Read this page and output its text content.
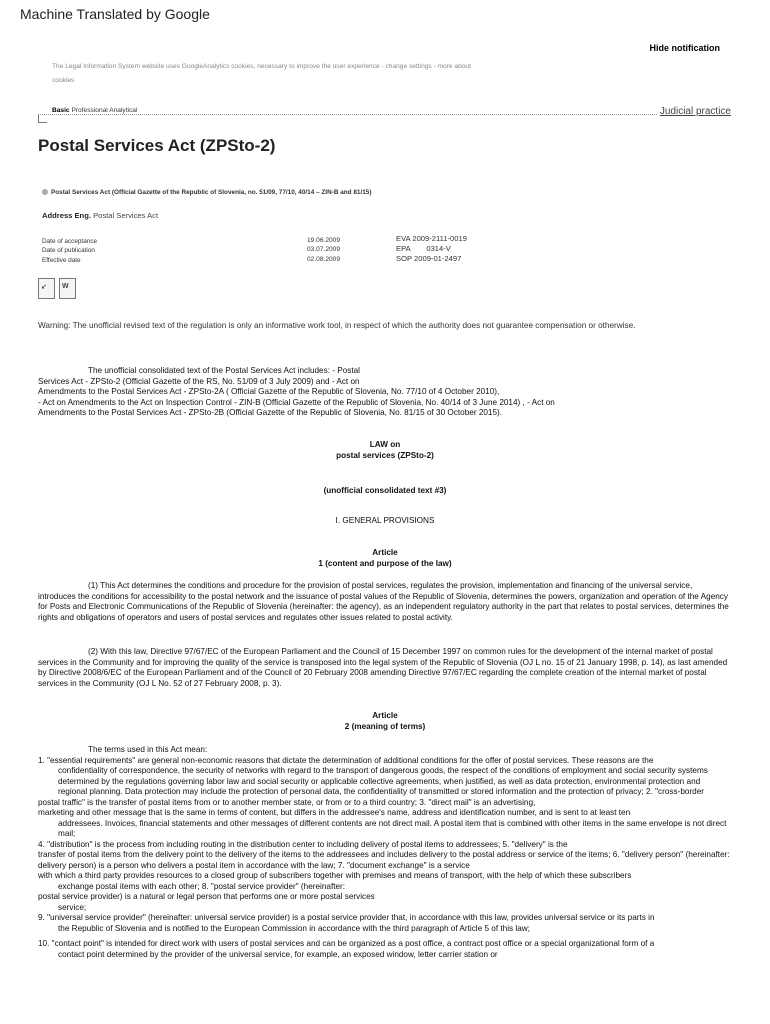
Machine Translated by Google
Hide notification
The Legal Information System website uses GoogleAnalytics cookies, necessary to improve the user experience - change settings - more about
cookies
Basic Professional Analytical	Judicial practice
Postal Services Act (ZPSto-2)
Postal Services Act (Official Gazette of the Republic of Slovenia, no. 51/09, 77/10, 40/14 – ZIN-B and 81/15)
Address Eng. Postal Services Act
Date of acceptance
Date of publication
Effective date
19.06.2009
03.07.2009
02.08.2009
EVA 2009-2111-0019
EPA 0314-V
SOP 2009-01-2497
↙ W
Warning: The unofficial revised text of the regulation is only an informative work tool, in respect of which the authority does not guarantee compensation or otherwise.
The unofficial consolidated text of the Postal Services Act includes: - Postal
Services Act - ZPSto-2 (Official Gazette of the RS, No. 51/09 of 3 July 2009) and - Act on
Amendments to the Postal Services Act - ZPSto-2A ( Official Gazette of the Republic of Slovenia, No. 77/10 of 4 October 2010),
- Act on Amendments to the Act on Inspection Control - ZIN-B (Official Gazette of the Republic of Slovenia, No. 40/14 of 3 June 2014) , - Act on
Amendments to the Postal Services Act - ZPSto-2B (Official Gazette of the Republic of Slovenia, No. 81/15 of 30 October 2015).
LAW on
postal services (ZPSto-2)
(unofficial consolidated text #3)
I. GENERAL PROVISIONS
Article
1 (content and purpose of the law)
(1) This Act determines the conditions and procedure for the provision of postal services, regulates the provision, implementation and financing of the universal service, introduces the conditions for accessibility to the postal network and the issuance of postal values of the Republic of Slovenia, determines the powers, organization and operation of the Agency for Posts and Electronic Communications of the Republic of Slovenia (hereinafter: the agency), as an independent regulatory authority in the part that relates to postal services, determines the rights and obligations of operators and users of postal services and regulates other issues related to postal activity.
(2) With this law, Directive 97/67/EC of the European Parliament and the Council of 15 December 1997 on common rules for the development of the internal market of postal services in the Community and for improving the quality of the service is transposed into the legal system of the Republic of Slovenia (OJ L no. 15 of 21 January 1998, p. 14), as last amended by Directive 2008/6/EC of the European Parliament and of the Council of 20 February 2008 amending Directive 97/67/EC regarding the complete creation of the internal market of postal services in the Community (OJ L No. 52 of 27 February 2008, p. 3).
Article
2 (meaning of terms)
The terms used in this Act mean:
1. "essential requirements" are general non-economic reasons that dictate the determination of additional conditions for the offer of postal services. These reasons are the
confidentiality of correspondence, the security of networks with regard to the transport of dangerous goods, the respect of the conditions of employment and social security systems determined by the regulations governing labor law and social security or applicable collective agreements, when justified, as well as data protection, environmental protection and regional planning. Data protection may include the protection of personal data, the confidentiality of transmitted or stored information and the protection of privacy; 2. "cross-border
postal traffic" is the transfer of postal items from or to another member state, or from or to a third country; 3. "direct mail" is an advertising,
marketing and other message that is the same in terms of content, but differs in the addressee's name, address and identification number, and is sent to at least ten
addressees. Invoices, financial statements and other messages of different contents are not direct mail. A postal item that is combined with other items in the same envelope is not direct mail;
4. "distribution" is the process from including routing in the distribution center to including delivery of postal items to addressees; 5. "delivery" is the
transfer of postal items from the delivery point to the delivery of the items to the addressees and includes delivery to the postal address or service of the items; 6. "delivery person" (hereinafter: delivery person) is a person who delivers a postal item in accordance with the law; 7. "document exchange" is a service
with which a third party provides resources to a closed group of subscribers together with premises and means of transport, with the help of which these subscribers
exchange postal items with each other; 8. "postal service provider" (hereinafter:
postal service provider) is a natural or legal person that performs one or more postal services
service;
9. "universal service provider" (hereinafter: universal service provider) is a postal service provider that, in accordance with this law, provides universal service or its parts in
the Republic of Slovenia and is notified to the European Commission in accordance with the third paragraph of Article 5 of this law;
10. "contact point" is intended for direct work with users of postal services and can be organized as a post office, a contract post office or a special organizational form of a
contact point determined by the provider of the universal service, for example, an exposed window, letter carrier station or
